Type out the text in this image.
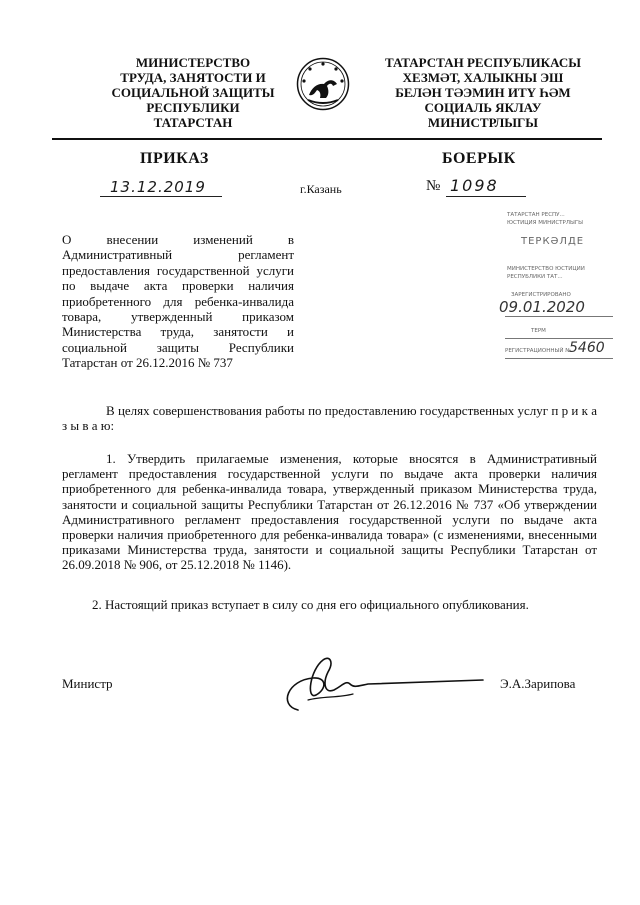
МИНИСТЕРСТВО
ТРУДА, ЗАНЯТОСТИ И
СОЦИАЛЬНОЙ ЗАЩИТЫ
РЕСПУБЛИКИ
ТАТАРСТАН
ТАТАРСТАН РЕСПУБЛИКАСЫ
ХЕЗМӘТ, ХАЛЫКНЫ ЭШ
БЕЛӘН ТӘЭМИН ИТҮ ҺӘМ
СОЦИАЛЬ ЯКЛАУ
МИНИСТРЛЫГЫ
ПРИКАЗ	БОЕРЫК
13.12.2019	г.Казань	№ 1098
О внесении изменений в Административный регламент предоставления государственной услуги по выдаче акта проверки наличия приобретенного для ребенка-инвалида товара, утвержденный приказом Министерства труда, занятости и социальной защиты Республики Татарстан от 26.12.2016 № 737
ТАТАРСТАН РЕСПУ...
ЮСТИЦИЯ МИНИСТРЛЫГЫ
ТЕРКӘЛДЕ
МИНИСТЕРСТВО ЮСТИЦИИ
РЕСПУБЛИКИ ТАТ...
ЗАРЕГИСТРИРОВАНО
09.01.2020
ТЕРМ
РЕГИСТРАЦИОННЫЙ №
5460
В целях совершенствования работы по предоставлению государственных услуг п р и к а з ы в а ю:
1. Утвердить прилагаемые изменения, которые вносятся в Административный регламент предоставления государственной услуги по выдаче акта проверки наличия приобретенного для ребенка-инвалида товара, утвержденный приказом Министерства труда, занятости и социальной защиты Республики Татарстан от 26.12.2016 № 737 «Об утверждении Административного регламент предоставления государственной услуги по выдаче акта проверки наличия приобретенного для ребенка-инвалида товара» (с изменениями, внесенными приказами Министерства труда, занятости и социальной защиты Республики Татарстан от 26.09.2018 № 906, от 25.12.2018 № 1146).
2. Настоящий приказ вступает в силу со дня его официального опубликования.
Министр	Э.А.Зарипова
